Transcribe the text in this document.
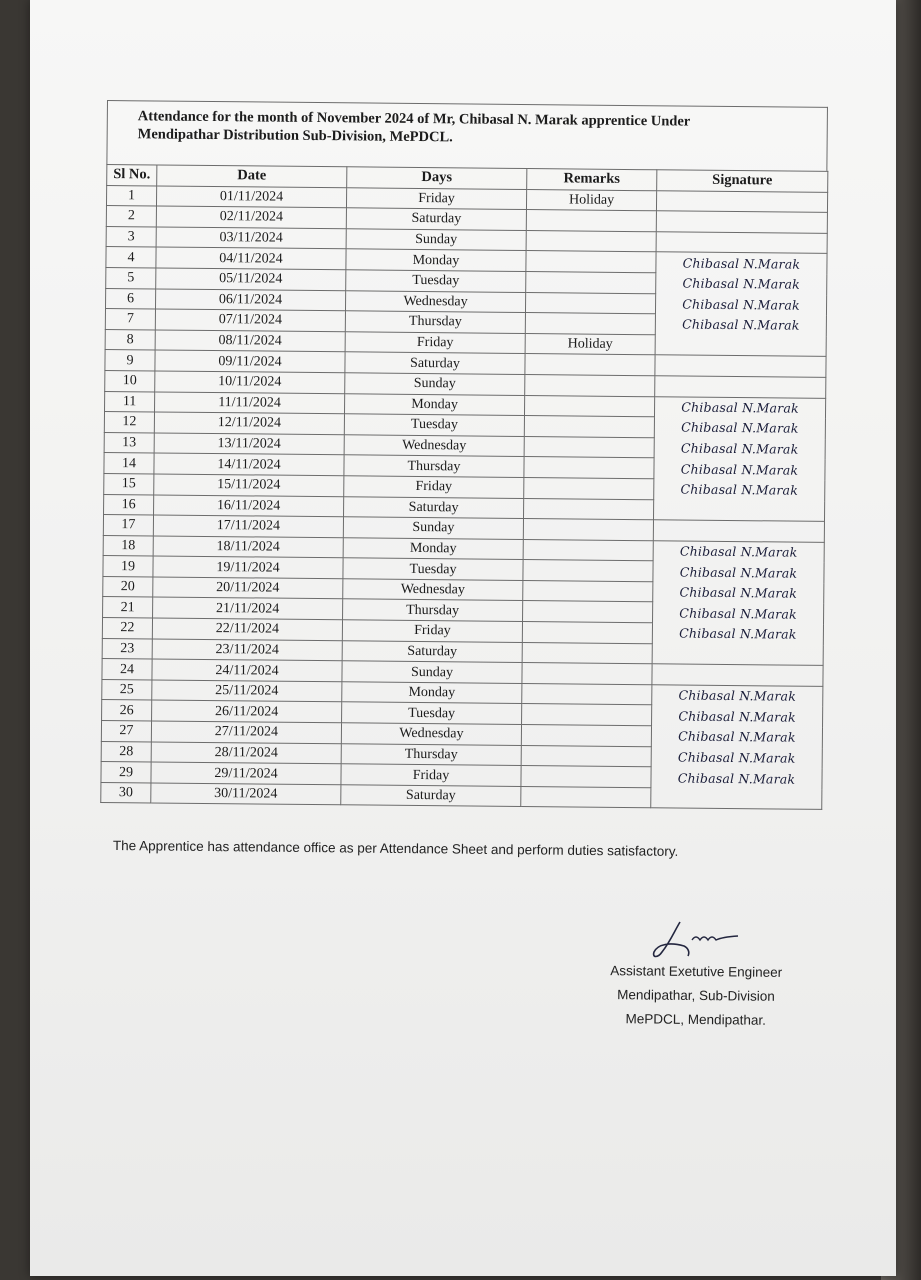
Attendance for the month of November 2024 of Mr, Chibasal N. Marak apprentice Under
Mendipathar Distribution Sub-Division, MePDCL.
Sl No.	Date	Days	Remarks	Signature
1	01/11/2024	Friday	Holiday	
2	02/11/2024	Saturday		
3	03/11/2024	Sunday		
4	04/11/2024	Monday		Chibasal N.Marak
5	05/11/2024	Tuesday		Chibasal N.Marak
6	06/11/2024	Wednesday		Chibasal N.Marak
7	07/11/2024	Thursday		Chibasal N.Marak
8	08/11/2024	Friday	Holiday	
9	09/11/2024	Saturday		
10	10/11/2024	Sunday		
11	11/11/2024	Monday		Chibasal N.Marak
12	12/11/2024	Tuesday		Chibasal N.Marak
13	13/11/2024	Wednesday		Chibasal N.Marak
14	14/11/2024	Thursday		Chibasal N.Marak
15	15/11/2024	Friday		Chibasal N.Marak
16	16/11/2024	Saturday		
17	17/11/2024	Sunday		
18	18/11/2024	Monday		Chibasal N.Marak
19	19/11/2024	Tuesday		Chibasal N.Marak
20	20/11/2024	Wednesday		Chibasal N.Marak
21	21/11/2024	Thursday		Chibasal N.Marak
22	22/11/2024	Friday		Chibasal N.Marak
23	23/11/2024	Saturday		
24	24/11/2024	Sunday		
25	25/11/2024	Monday		Chibasal N.Marak
26	26/11/2024	Tuesday		Chibasal N.Marak
27	27/11/2024	Wednesday		Chibasal N.Marak
28	28/11/2024	Thursday		Chibasal N.Marak
29	29/11/2024	Friday		Chibasal N.Marak
30	30/11/2024	Saturday		
The Apprentice has attendance office as per Attendance Sheet and perform duties satisfactory.
Assistant Exetutive Engineer
Mendipathar, Sub-Division
MePDCL, Mendipathar.
